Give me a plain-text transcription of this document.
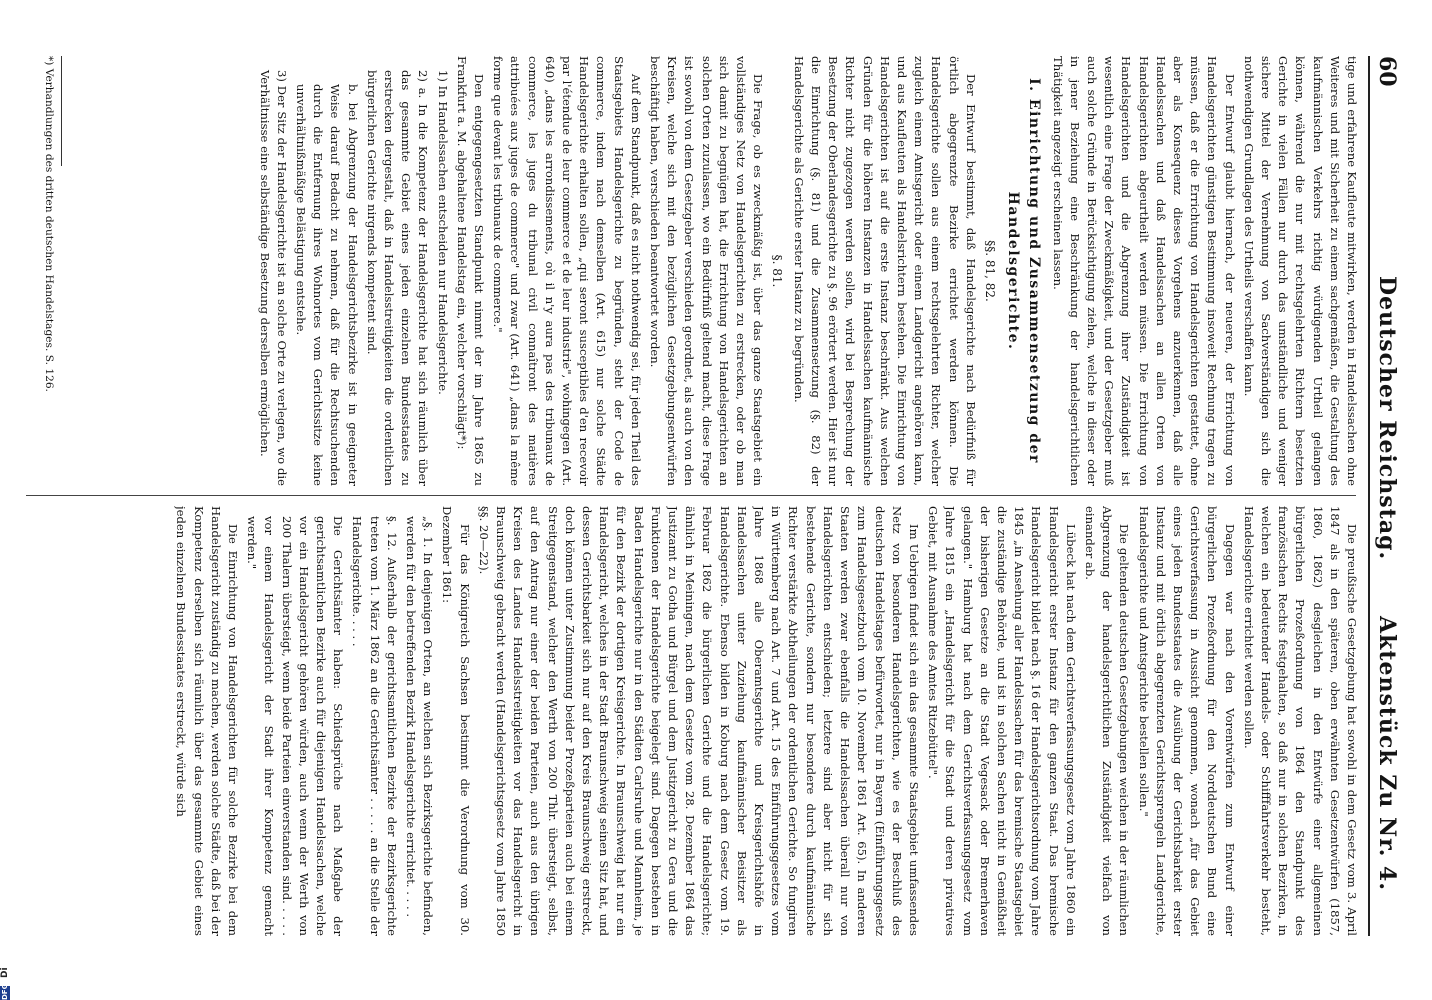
DFG
60
Deutscher Reichstag.
Aktenstück Zu Nr. 4.

tige und erfahrene Kaufleute mitwirken, werden in Handelssachen ohne Weiteres und mit Sicherheit zu einem sachgemäßen, die Gestaltung des kaufmännischen Verkehrs richtig würdigenden Urtheil gelangen können, während die nur mit rechtsgelehrten Richtern besetzten Gerichte in vielen Fällen nur durch das umständliche und weniger sichere Mittel der Vernehmung von Sachverständigen sich die nothwendigen Grundlagen des Urtheils verschaffen kann.

Der Entwurf glaubt hiernach, der neueren, der Errichtung von Handelsgerichten günstigen Bestimmung insoweit Rechnung tragen zu müssen, daß er die Errichtung von Handelsgerichten gestattet, ohne aber als Konsequenz dieses Vorgehens anzuerkennen, daß alle Handelssachen und daß Handelssachen an allen Orten von Handelsgerichten abgeurtheilt werden müssen. Die Errichtung von Handelsgerichten und die Abgrenzung ihrer Zuständigkeit ist wesentlich eine Frage der Zweckmäßigkeit, und der Gesetzgeber muß auch solche Gründe in Berücksichtigung ziehen, welche in dieser oder in jener Beziehung eine Beschränkung der handelsgerichtlichen Thätigkeit angezeigt erscheinen lassen.

I. Einrichtung und Zusammensetzung der
Handelsgerichte.
§§. 81, 82.

Der Entwurf bestimmt, daß Handelsgerichte nach Bedürfniß für örtlich abgegrenzte Bezirke errichtet werden können. Die Handelsgerichte sollen aus einem rechtsgelehrten Richter, welcher zugleich einem Amtsgericht oder einem Landgericht angehören kann, und aus Kaufleuten als Handelsrichtern bestehen. Die Einrichtung von Handelsgerichten ist auf die erste Instanz beschränkt. Aus welchen Gründen für die höheren Instanzen in Handelssachen kaufmännische Richter nicht zugezogen werden sollen, wird bei Besprechung der Besetzung der Oberlandesgerichte zu §. 96 erörtert werden. Hier ist nur die Einrichtung (§. 81) und die Zusammensetzung (§. 82) der Handelsgerichte als Gerichte erster Instanz zu begründen.

§. 81.

Die Frage, ob es zweckmäßig ist, über das ganze Staatsgebiet ein vollständiges Netz von Handelsgerichten zu erstrecken, oder ob man sich damit zu begnügen hat, die Errichtung von Handelsgerichten an solchen Orten zuzulassen, wo ein Bedürfniß geltend macht, diese Frage ist sowohl von dem Gesetzgeber verschieden geordnet, als auch von den Kreisen, welche sich mit den bezüglichen Gesetzgebungsentwürfen beschäftigt haben, verschieden beantwortet worden.

Auf dem Standpunkt, daß es nicht nothwendig sei, für jeden Theil des Staatsgebiets Handelsgerichte zu begründen, steht der Code de commerce, indem nach demselben (Art. 615) nur solche Städte Handelsgerichte erhalten sollen, „qui seront susceptibles d'en recevoir par l'étendue de leur commerce et de leur industrie", wohingegen (Art. 640) „dans les arrondissements, où il n'y aura pas des tribunaux de commerce, les juges du tribunal civil connaîtront des matières attribuées aux juges de commerce" und zwar (Art. 641) „dans la même forme que devant les tribunaux de commerce."

Den entgegengesetzten Standpunkt nimmt der im Jahre 1865 zu Frankfurt a. M. abgehaltene Handelstag ein, welcher vorschlägt*):

1) In Handelssachen entscheiden nur Handelsgerichte.

2) a. In die Kompetenz der Handelsgerichte hat sich räumlich über das gesammte Gebiet eines jeden einzelnen Bundesstaates zu erstrecken dergestalt, daß in Handelsstreitigkeiten die ordentlichen bürgerlichen Gerichte nirgends kompetent sind.

b. bei Abgrenzung der Handelsgerichtsbezirke ist in geeigneter Weise darauf Bedacht zu nehmen, daß für die Rechtsuchenden durch die Entfernung ihres Wohnortes vom Gerichtssitze keine unverhältnißmäßige Belästigung entstehe.

3) Der Sitz der Handelsgerichte ist an solche Orte zu verlegen, wo die Verhältnisse eine selbständige Besetzung derselben ermöglichen.

*) Verhandlungen des dritten deutschen Handelstages. S. 126.

Die preußische Gesetzgebung hat sowohl in dem Gesetz vom 3. April 1847 als in den späteren, oben erwähnten Gesetzentwürfen (1857, 1860, 1862) desgleichen in den Entwürfe einer allgemeinen bürgerlichen Prozeßordnung von 1864 den Standpunkt des französischen Rechts festgehalten, so daß nur in solchen Bezirken, in welchen ein bedeutender Handels- oder Schifffahrtsverkehr besteht, Handelsgerichte errichtet werden sollen.

Dagegen war nach den Vorentwürfen zum Entwurf einer bürgerlichen Prozeßordnung für den Norddeutschen Bund eine Gerichtsverfassung in Aussicht genommen, wonach „für das Gebiet eines jeden Bundesstaates die Ausübung der Gerichtsbarkeit erster Instanz und mit örtlich abgegrenzten Gerichtssprengeln Landgerichte, Handelsgerichte und Amtsgerichte bestellen sollen."

Die geltenden deutschen Gesetzgebungen weichen in der räumlichen Abgrenzung der handelsgerichtlichen Zuständigkeit vielfach von einander ab.

Lübeck hat nach dem Gerichtsverfassungsgesetz vom Jahre 1860 ein Handelsgericht erster Instanz für den ganzen Staat. Das bremische Handelsgericht bildet nach §. 16 der Handelsgerichtsordnung vom Jahre 1845 „in Ansehung aller Handelssachen für das bremische Staatsgebiet die zuständige Behörde, und ist in solchen Sachen nicht in Gemäßheit der bisherigen Gesetze an die Stadt Vegesack oder Bremerhaven gelangen." Hamburg hat nach dem Gerichtsverfassungsgesetz vom Jahre 1815 ein „Handelsgericht für die Stadt und deren privatives Gebiet, mit Ausnahme des Amtes Ritzebüttel".

Im Uebrigen findet sich ein das gesammte Staatsgebiet umfassendes Netz von besonderen Handelsgerichten, wie es der Beschluß des deutschen Handelstages befürwortet, nur in Bayern (Einführungsgesetz zum Handelsgesetzbuch vom 10. November 1861 Art. 65). In anderen Staaten werden zwar ebenfalls die Handelssachen überall nur von Handelsgerichten entschieden; letztere sind aber nicht für sich bestehende Gerichte, sondern nur besondere durch kaufmännische Richter verstärkte Abtheilungen der ordentlichen Gerichte. So fungiren in Württemberg nach Art. 7 und Art. 15 des Einführungsgesetzes vom Jahre 1868 alle Oberamtsgerichte und Kreisgerichtshöfe in Handelssachen unter Zuziehung kaufmännischer Beisitzer als Handelsgerichte. Ebenso bilden in Koburg nach dem Gesetz vom 19. Februar 1862 die bürgerlichen Gerichte und die Handelsgerichte; ähnlich in Meiningen, nach dem Gesetze vom 28. Dezember 1864 das Justizamt zu Gotha und Bürgel und dem Justizgericht zu Gera und die Funktionen der Handelsgerichte beigelegt sind. Dagegen bestehen in Baden Handelsgerichte nur in den Städten Carlsruhe und Mannheim, je für den Bezirk der dortigen Kreisgerichte. In Braunschweig hat nur ein Handelsgericht, welches in der Stadt Braunschweig seinen Sitz hat, und dessen Gerichtsbarkeit sich nur auf den Kreis Braunschweig erstreckt, doch können unter Zustimmung beider Prozeßparteien auch bei einem Streitgegenstand, welcher den Werth von 200 Thlr. übersteigt, selbst, auf den Antrag nur einer der beiden Parteien, auch aus den übrigen Kreisen des Landes Handelsstreitigkeiten vor das Handelsgericht in Braunschweig gebracht werden (Handelsgerichtsgesetz vom Jahre 1850 §§. 20—22).

Für das Königreich Sachsen bestimmt die Verordnung vom 30. Dezember 1861:

„§. 1. In denjenigen Orten, an welchen sich Bezirksgerichte befinden, werden für den betreffenden Bezirk Handelsgerichte errichtet. . . . .

§. 12. Außerhalb der gerichtsamtlichen Bezirke der Bezirksgerichte treten vom 1. März 1862 an die Gerichtsämter . . . . . an die Stelle der Handelsgerichte. . . . .

Die Gerichtsämter haben: Schiedsprüche nach Maßgabe der gerichtsamtlichen Bezirke auch für diejenigen Handelssachen, welche vor ein Handelsgericht gehören würden, auch wenn der Werth von 200 Thalern übersteigt, wenn beide Parteien einverstanden sind. . . . . vor einem Handelsgericht der Stadt ihrer Kompetenz gemacht werden."

Die Einrichtung von Handelsgerichten für solche Bezirke bei dem Handelsgericht zuständig zu machen, werden solche Städte, daß bei der Kompetenz derselben sich räumlich über das gesammte Gebiet eines jeden einzelnen Bundesstaates erstreckt, würde sich
